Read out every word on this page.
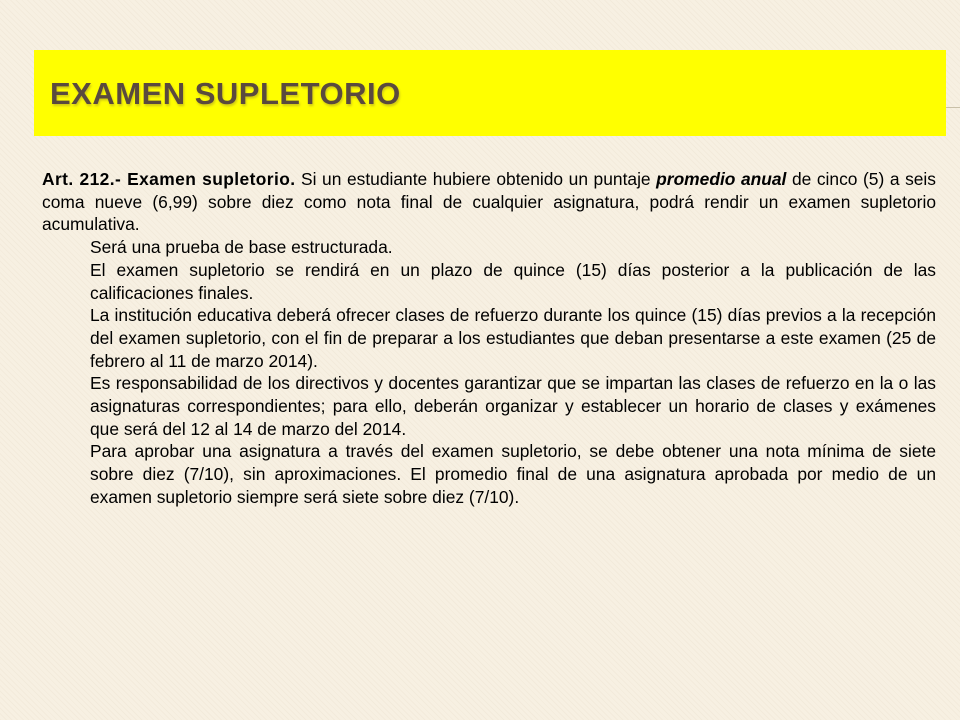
EXAMEN SUPLETORIO

Art. 212.- Examen supletorio. Si un estudiante hubiere obtenido un puntaje promedio anual de cinco (5) a seis coma nueve (6,99) sobre diez como nota final de cualquier asignatura, podrá rendir un examen supletorio acumulativa.

Será una prueba de base estructurada.

El examen supletorio se rendirá en un plazo de quince (15) días posterior a la publicación de las calificaciones finales.

La institución educativa deberá ofrecer clases de refuerzo durante los quince (15) días previos a la recepción del examen supletorio, con el fin de preparar a los estudiantes que deban presentarse a este examen (25 de febrero al 11 de marzo 2014).

Es responsabilidad de los directivos y docentes garantizar que se impartan las clases de refuerzo en la o las asignaturas correspondientes; para ello, deberán organizar y establecer un horario de clases y exámenes que será del 12 al 14 de marzo del 2014.

Para aprobar una asignatura a través del examen supletorio, se debe obtener una nota mínima de siete sobre diez (7/10), sin aproximaciones. El promedio final de una asignatura aprobada por medio de un examen supletorio siempre será siete sobre diez (7/10).
